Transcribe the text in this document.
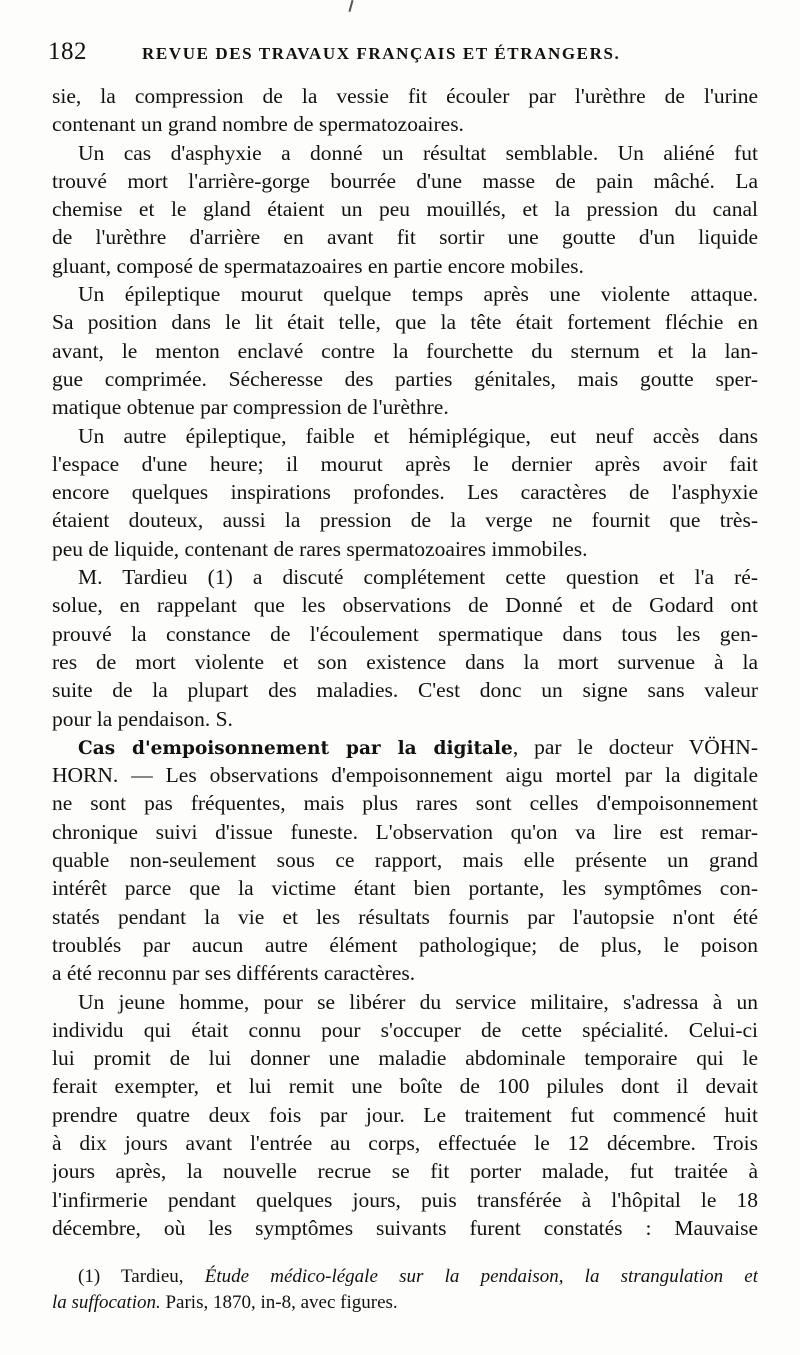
182	REVUE DES TRAVAUX FRANÇAIS ET ÉTRANGERS.
sie, la compression de la vessie fit écouler par l'urèthre de l'urine
contenant un grand nombre de spermatozoaires.
Un cas d'asphyxie a donné un résultat semblable. Un aliéné fut
trouvé mort l'arrière-gorge bourrée d'une masse de pain mâché. La
chemise et le gland étaient un peu mouillés, et la pression du canal
de l'urèthre d'arrière en avant fit sortir une goutte d'un liquide
gluant, composé de spermatazoaires en partie encore mobiles.
Un épileptique mourut quelque temps après une violente attaque.
Sa position dans le lit était telle, que la tête était fortement fléchie en
avant, le menton enclavé contre la fourchette du sternum et la lan-
gue comprimée. Sécheresse des parties génitales, mais goutte sper-
matique obtenue par compression de l'urèthre.
Un autre épileptique, faible et hémiplégique, eut neuf accès dans
l'espace d'une heure; il mourut après le dernier après avoir fait
encore quelques inspirations profondes. Les caractères de l'asphyxie
étaient douteux, aussi la pression de la verge ne fournit que très-
peu de liquide, contenant de rares spermatozoaires immobiles.
M. Tardieu (1) a discuté complétement cette question et l'a ré-
solue, en rappelant que les observations de Donné et de Godard ont
prouvé la constance de l'écoulement spermatique dans tous les gen-
res de mort violente et son existence dans la mort survenue à la
suite de la plupart des maladies. C'est donc un signe sans valeur
pour la pendaison. S.
Cas d'empoisonnement par la digitale, par le docteur VÖHN-
HORN. — Les observations d'empoisonnement aigu mortel par la digitale
ne sont pas fréquentes, mais plus rares sont celles d'empoisonnement
chronique suivi d'issue funeste. L'observation qu'on va lire est remar-
quable non-seulement sous ce rapport, mais elle présente un grand
intérêt parce que la victime étant bien portante, les symptômes con-
statés pendant la vie et les résultats fournis par l'autopsie n'ont été
troublés par aucun autre élément pathologique; de plus, le poison
a été reconnu par ses différents caractères.
Un jeune homme, pour se libérer du service militaire, s'adressa à un
individu qui était connu pour s'occuper de cette spécialité. Celui-ci
lui promit de lui donner une maladie abdominale temporaire qui le
ferait exempter, et lui remit une boîte de 100 pilules dont il devait
prendre quatre deux fois par jour. Le traitement fut commencé huit
à dix jours avant l'entrée au corps, effectuée le 12 décembre. Trois
jours après, la nouvelle recrue se fit porter malade, fut traitée à
l'infirmerie pendant quelques jours, puis transférée à l'hôpital le 18
décembre, où les symptômes suivants furent constatés : Mauvaise
(1) Tardieu, Étude médico-légale sur la pendaison, la strangulation et
la suffocation. Paris, 1870, in-8, avec figures.
